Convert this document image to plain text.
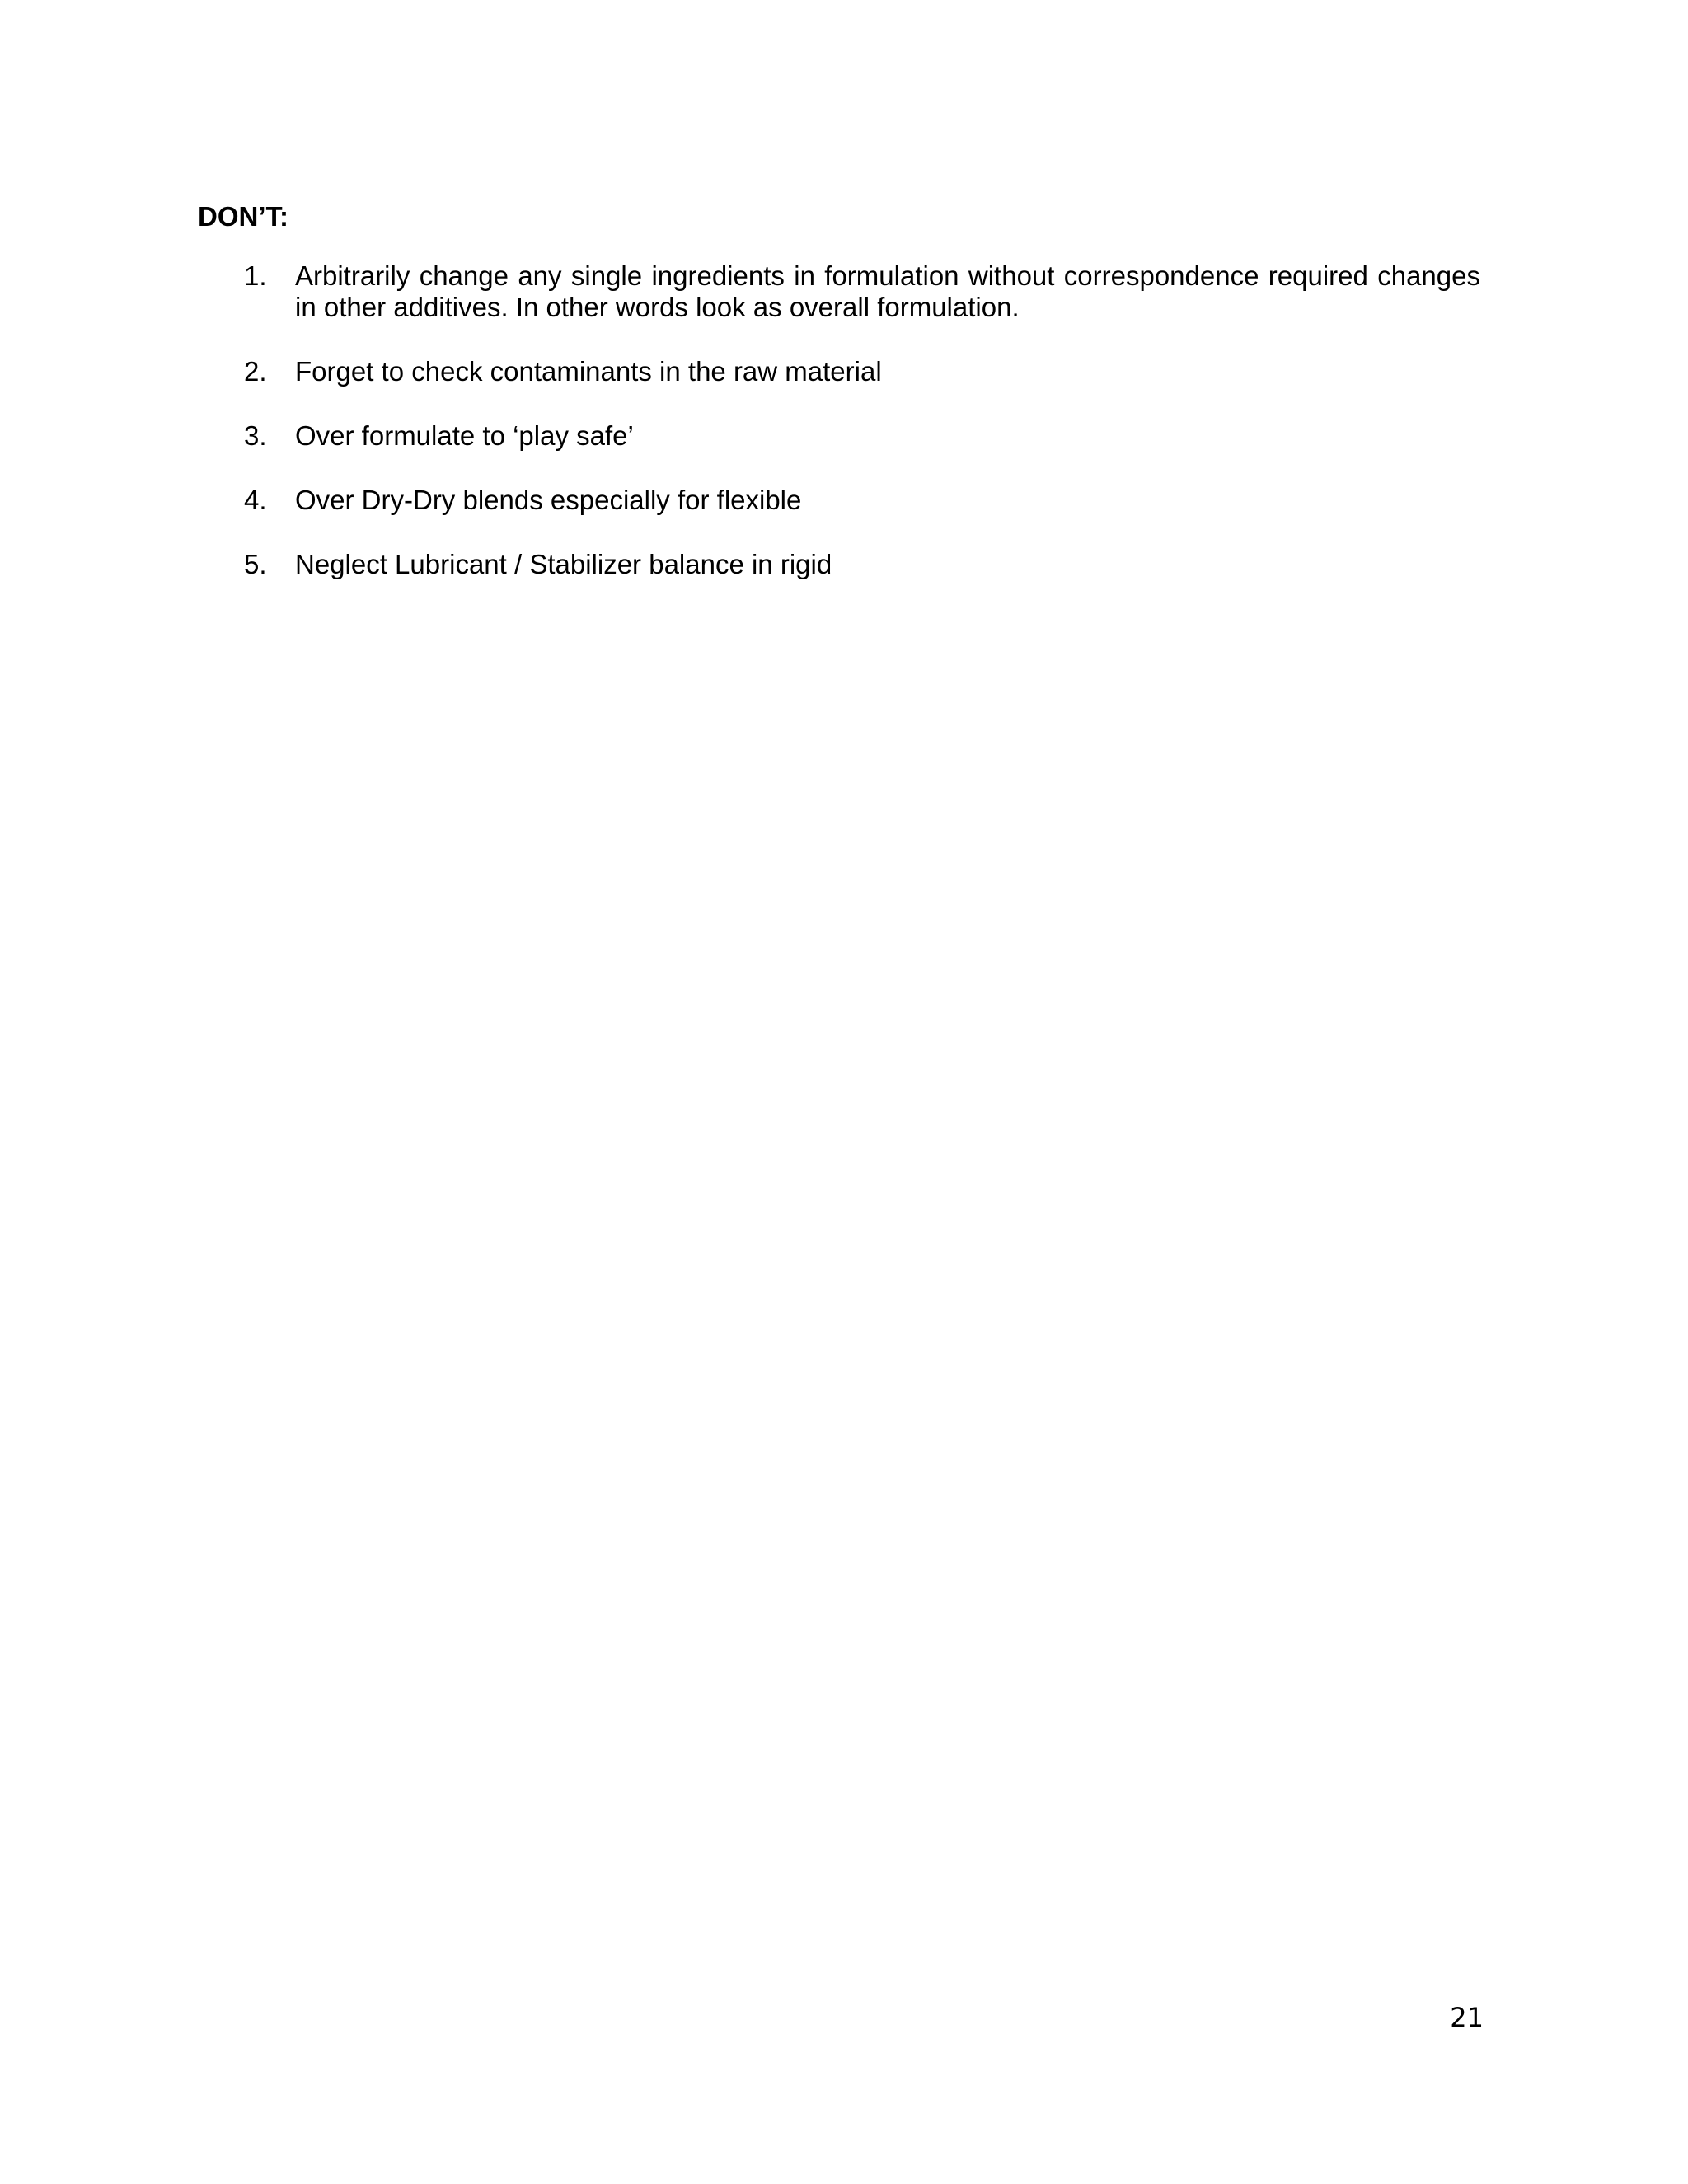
DON’T:
1. Arbitrarily change any single ingredients in formulation without correspondence required changes in other additives. In other words look as overall formulation.
2. Forget to check contaminants in the raw material
3. Over formulate to ‘play safe’
4. Over Dry-Dry blends especially for flexible
5. Neglect Lubricant / Stabilizer balance in rigid
21
